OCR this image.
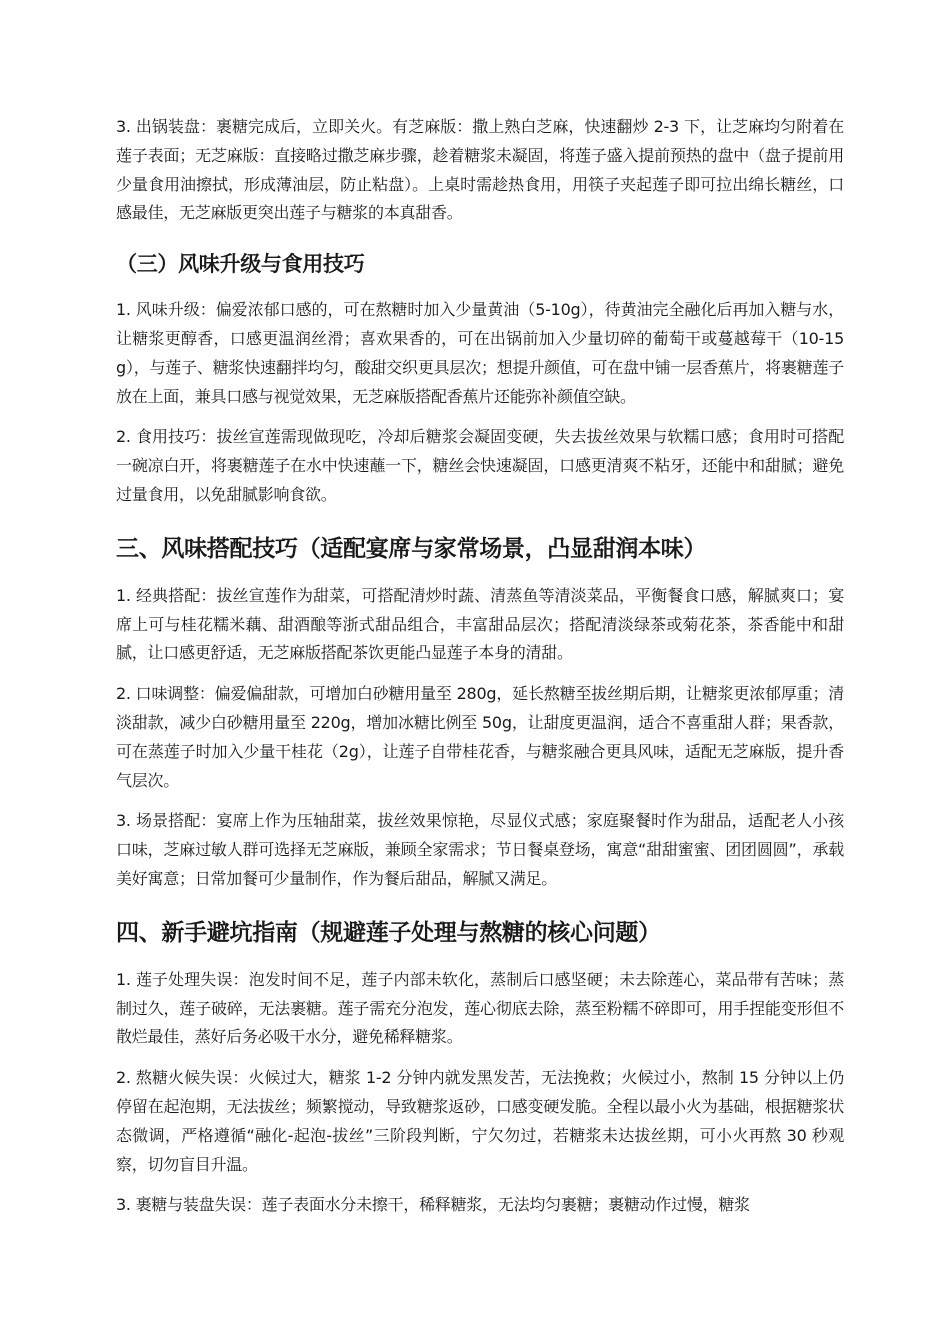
3. 出锅装盘：裹糖完成后，立即关火。有芝麻版：撒上熟白芝麻，快速翻炒 2-3 下，让芝麻均匀附着在莲子表面；无芝麻版：直接略过撒芝麻步骤，趁着糖浆未凝固，将莲子盛入提前预热的盘中（盘子提前用少量食用油擦拭，形成薄油层，防止粘盘）。上桌时需趁热食用，用筷子夹起莲子即可拉出绵长糖丝，口感最佳，无芝麻版更突出莲子与糖浆的本真甜香。

（三）风味升级与食用技巧

1. 风味升级：偏爱浓郁口感的，可在熬糖时加入少量黄油（5-10g），待黄油完全融化后再加入糖与水，让糖浆更醇香，口感更温润丝滑；喜欢果香的，可在出锅前加入少量切碎的葡萄干或蔓越莓干（10-15g），与莲子、糖浆快速翻拌均匀，酸甜交织更具层次；想提升颜值，可在盘中铺一层香蕉片，将裹糖莲子放在上面，兼具口感与视觉效果，无芝麻版搭配香蕉片还能弥补颜值空缺。

2. 食用技巧：拔丝宣莲需现做现吃，冷却后糖浆会凝固变硬，失去拔丝效果与软糯口感；食用时可搭配一碗凉白开，将裹糖莲子在水中快速蘸一下，糖丝会快速凝固，口感更清爽不粘牙，还能中和甜腻；避免过量食用，以免甜腻影响食欲。

三、风味搭配技巧（适配宴席与家常场景，凸显甜润本味）

1. 经典搭配：拔丝宣莲作为甜菜，可搭配清炒时蔬、清蒸鱼等清淡菜品，平衡餐食口感，解腻爽口；宴席上可与桂花糯米藕、甜酒酿等浙式甜品组合，丰富甜品层次；搭配清淡绿茶或菊花茶，茶香能中和甜腻，让口感更舒适，无芝麻版搭配茶饮更能凸显莲子本身的清甜。

2. 口味调整：偏爱偏甜款，可增加白砂糖用量至 280g，延长熬糖至拔丝期后期，让糖浆更浓郁厚重；清淡甜款，减少白砂糖用量至 220g，增加冰糖比例至 50g，让甜度更温润，适合不喜重甜人群；果香款，可在蒸莲子时加入少量干桂花（2g），让莲子自带桂花香，与糖浆融合更具风味，适配无芝麻版，提升香气层次。

3. 场景搭配：宴席上作为压轴甜菜，拔丝效果惊艳，尽显仪式感；家庭聚餐时作为甜品，适配老人小孩口味，芝麻过敏人群可选择无芝麻版，兼顾全家需求；节日餐桌登场，寓意“甜甜蜜蜜、团团圆圆”，承载美好寓意；日常加餐可少量制作，作为餐后甜品，解腻又满足。

四、新手避坑指南（规避莲子处理与熬糖的核心问题）

1. 莲子处理失误：泡发时间不足，莲子内部未软化，蒸制后口感坚硬；未去除莲心，菜品带有苦味；蒸制过久，莲子破碎，无法裹糖。莲子需充分泡发，莲心彻底去除，蒸至粉糯不碎即可，用手捏能变形但不散烂最佳，蒸好后务必吸干水分，避免稀释糖浆。

2. 熬糖火候失误：火候过大，糖浆 1-2 分钟内就发黑发苦，无法挽救；火候过小，熬制 15 分钟以上仍停留在起泡期，无法拔丝；频繁搅动，导致糖浆返砂，口感变硬发脆。全程以最小火为基础，根据糖浆状态微调，严格遵循“融化-起泡-拔丝”三阶段判断，宁欠勿过，若糖浆未达拔丝期，可小火再熬 30 秒观察，切勿盲目升温。

3. 裹糖与装盘失误：莲子表面水分未擦干，稀释糖浆，无法均匀裹糖；裹糖动作过慢，糖浆
